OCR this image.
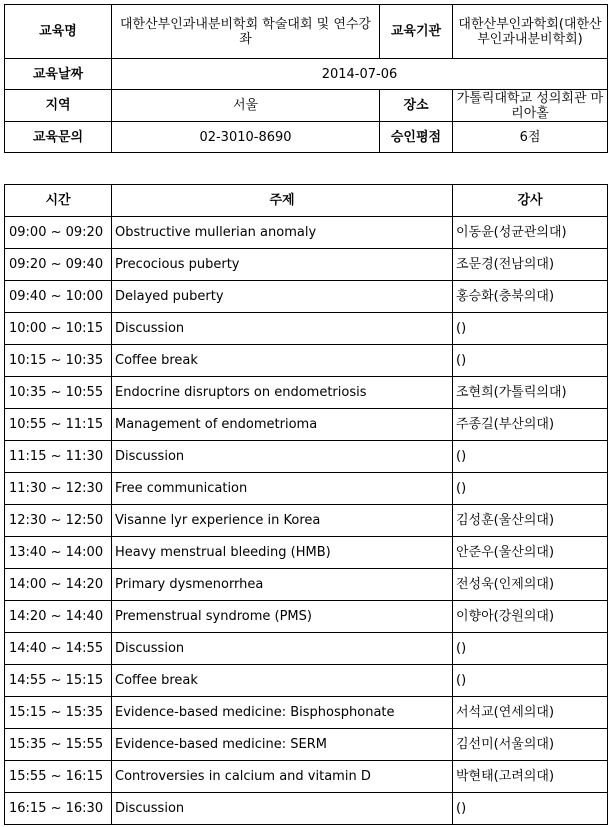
교육명	대한산부인과내분비학회 학술대회 및 연수강좌	교육기관	대한산부인과학회(대한산부인과내분비학회)
교육날짜	2014-07-06		
지역	서울	장소	가톨릭대학교 성의회관 마리아홀
교육문의	02-3010-8690	승인평점	6점
시간	주제	강사
09:00 ~ 09:20	Obstructive mullerian anomaly	이동윤(성균관의대)
09:20 ~ 09:40	Precocious puberty	조문경(전남의대)
09:40 ~ 10:00	Delayed puberty	홍승화(충북의대)
10:00 ~ 10:15	Discussion	()
10:15 ~ 10:35	Coffee break	()
10:35 ~ 10:55	Endocrine disruptors on endometriosis	조현희(가톨릭의대)
10:55 ~ 11:15	Management of endometrioma	주종길(부산의대)
11:15 ~ 11:30	Discussion	()
11:30 ~ 12:30	Free communication	()
12:30 ~ 12:50	Visanne lyr experience in Korea	김성훈(울산의대)
13:40 ~ 14:00	Heavy menstrual bleeding (HMB)	안준우(울산의대)
14:00 ~ 14:20	Primary dysmenorrhea	전성욱(인제의대)
14:20 ~ 14:40	Premenstrual syndrome (PMS)	이향아(강원의대)
14:40 ~ 14:55	Discussion	()
14:55 ~ 15:15	Coffee break	()
15:15 ~ 15:35	Evidence-based medicine: Bisphosphonate	서석교(연세의대)
15:35 ~ 15:55	Evidence-based medicine: SERM	김선미(서울의대)
15:55 ~ 16:15	Controversies in calcium and vitamin D	박현태(고려의대)
16:15 ~ 16:30	Discussion	()
